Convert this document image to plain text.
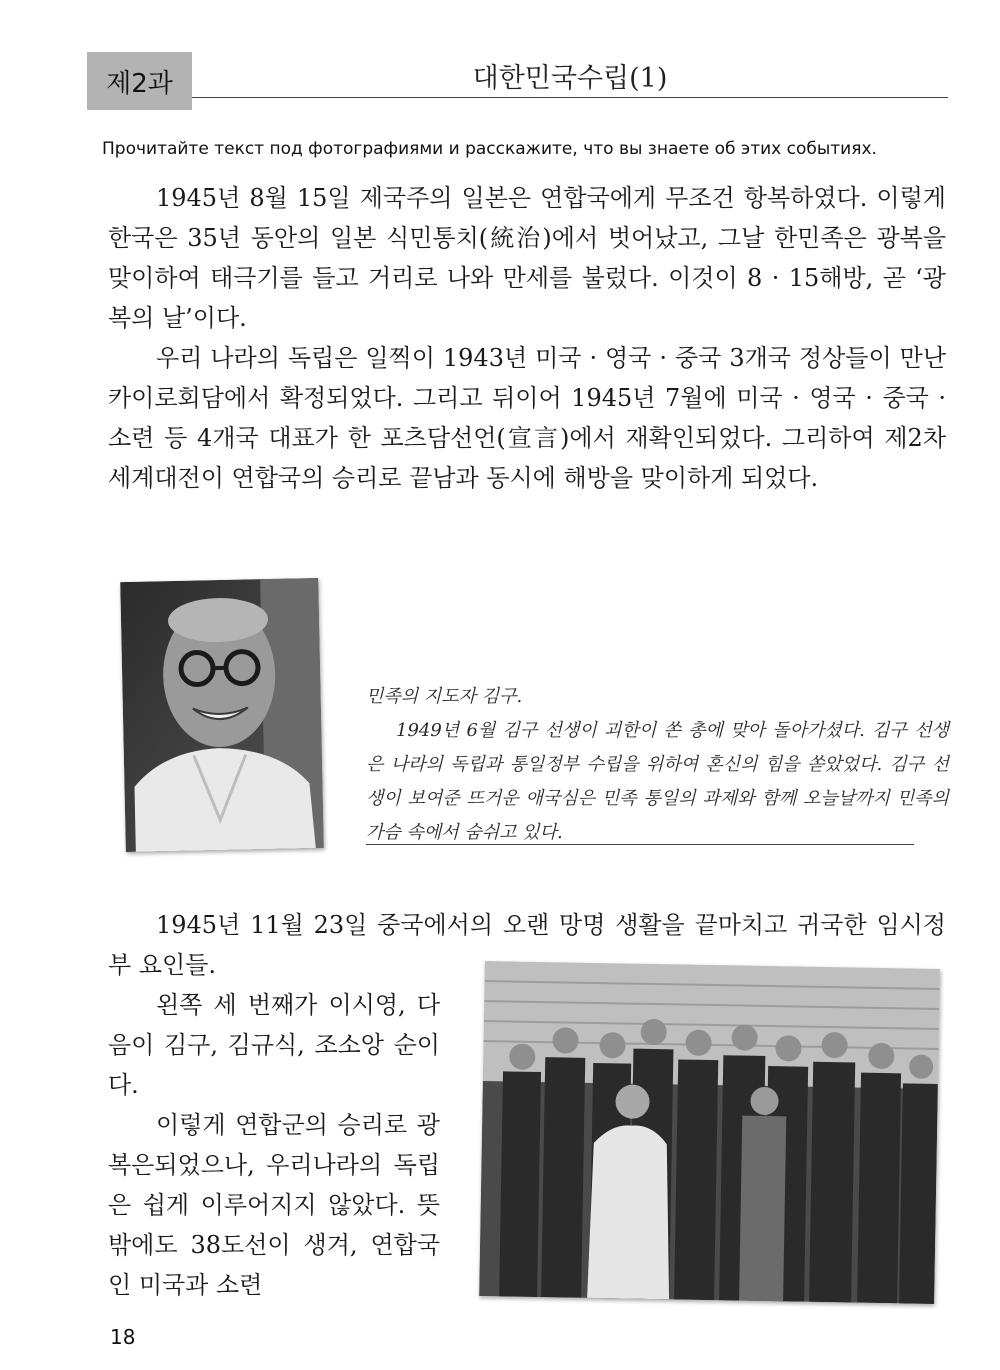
제2과	대한민국수립(1)
Прочитайте текст под фотографиями и расскажите, что вы знаете об этих событиях.

1945년 8월 15일 제국주의 일본은 연합국에게 무조건 항복하였다. 이렇게 한국은 35년 동안의 일본 식민통치(統治)에서 벗어났고, 그날 한민족은 광복을 맞이하여 태극기를 들고 거리로 나와 만세를 불렀다. 이것이 8 · 15해방, 곧 ‘광복의 날’이다.

우리 나라의 독립은 일찍이 1943년 미국 · 영국 · 중국 3개국 정상들이 만난 카이로회담에서 확정되었다. 그리고 뒤이어 1945년 7월에 미국 · 영국 · 중국 · 소련 등 4개국 대표가 한 포츠담선언(宣言)에서 재확인되었다. 그리하여 제2차 세계대전이 연합국의 승리로 끝남과 동시에 해방을 맞이하게 되었다.

민족의 지도자 김구.

1949년 6월 김구 선생이 괴한이 쏜 총에 맞아 돌아가셨다. 김구 선생은 나라의 독립과 통일정부 수립을 위하여 혼신의 힘을 쏟았었다. 김구 선생이 보여준 뜨거운 애국심은 민족 통일의 과제와 함께 오늘날까지 민족의 가슴 속에서 숨쉬고 있다.

1945년 11월 23일 중국에서의 오랜 망명 생활을 끝마치고 귀국한 임시정부 요인들.

왼쪽 세 번째가 이시영, 다음이 김구, 김규식, 조소앙 순이다.

이렇게 연합군의 승리로 광복은되었으나, 우리나라의 독립은 쉽게 이루어지지 않았다. 뜻밖에도 38도선이 생겨, 연합국인 미국과 소련

18
